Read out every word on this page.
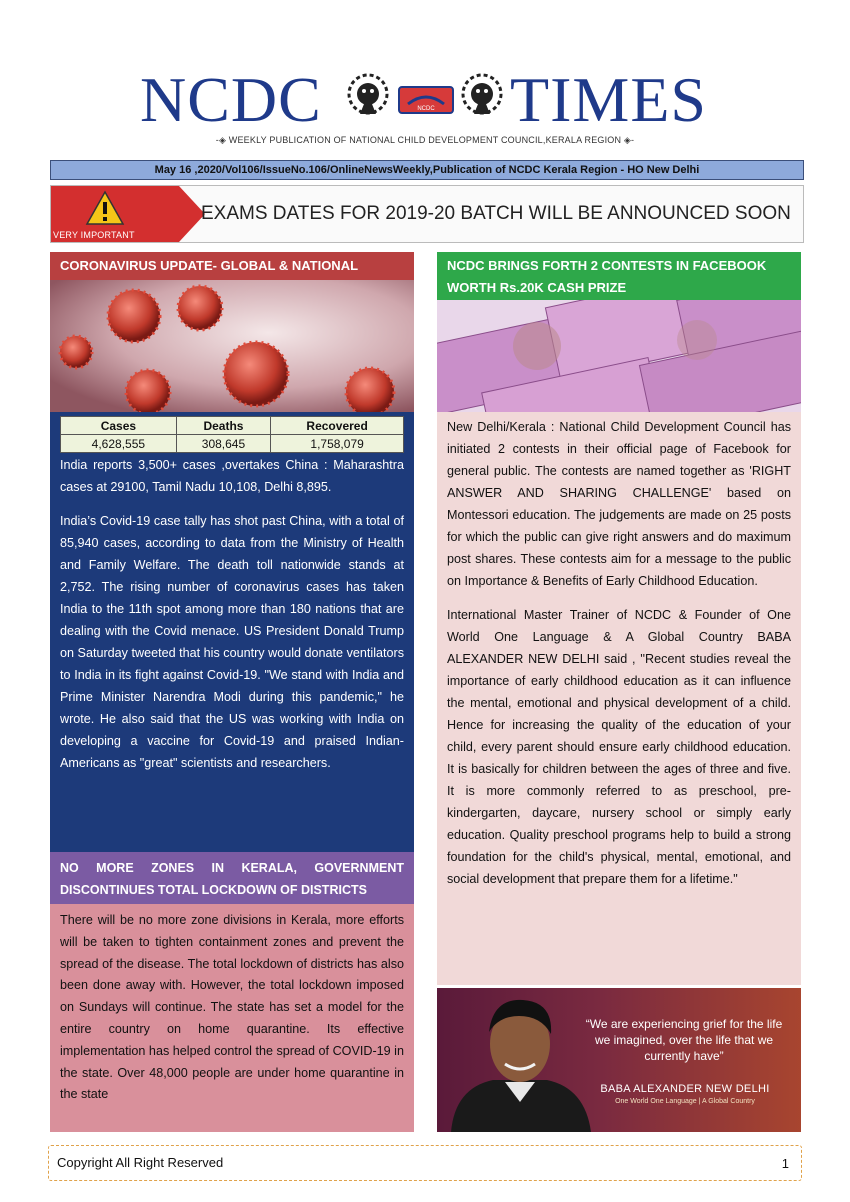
NCDC	NCDC TIMES
-◈ WEEKLY PUBLICATION OF NATIONAL CHILD DEVELOPMENT COUNCIL,KERALA REGION ◈-
May 16 ,2020/Vol106/IssueNo.106/OnlineNewsWeekly,Publication of NCDC Kerala Region - HO New Delhi
VERY IMPORTANT
EXAMS DATES FOR 2019-20 BATCH WILL BE ANNOUNCED SOON
CORONAVIRUS UPDATE- GLOBAL & NATIONAL
Cases	Deaths	Recovered
4,628,555	308,645	1,758,079

India reports 3,500+ cases ,overtakes China : Maharashtra cases at 29100, Tamil Nadu 10,108, Delhi 8,895.

India’s Covid-19 case tally has shot past China, with a total of 85,940 cases, according to data from the Ministry of Health and Family Welfare. The death toll nationwide stands at 2,752. The rising number of coronavirus cases has taken India to the 11th spot among more than 180 nations that are dealing with the Covid menace. US President Donald Trump on Saturday tweeted that his country would donate ventilators to India in its fight against Covid-19. "We stand with India and Prime Minister Narendra Modi during this pandemic," he wrote. He also said that the US was working with India on developing a vaccine for Covid-19 and praised Indian-Americans as "great" scientists and researchers.

NO MORE ZONES IN KERALA, GOVERNMENT DISCONTINUES TOTAL LOCKDOWN OF DISTRICTS

There will be no more zone divisions in Kerala, more efforts will be taken to tighten containment zones and prevent the spread of the disease. The total lockdown of districts has also been done away with. However, the total lockdown imposed on Sundays will continue. The state has set a model for the entire country on home quarantine. Its effective implementation has helped control the spread of COVID-19 in the state. Over 48,000 people are under home quarantine in the state

NCDC BRINGS FORTH 2 CONTESTS IN FACEBOOK WORTH Rs.20K CASH PRIZE

New Delhi/Kerala : National Child Development Council has initiated 2 contests in their official page of Facebook for general public. The contests are named together as 'RIGHT ANSWER AND SHARING CHALLENGE' based on Montessori education. The judgements are made on 25 posts for which the public can give right answers and do maximum post shares. These contests aim for a message to the public on Importance & Benefits of Early Childhood Education.

International Master Trainer of NCDC & Founder of One World One Language & A Global Country BABA ALEXANDER NEW DELHI said , ''Recent studies reveal the importance of early childhood education as it can influence the mental, emotional and physical development of a child. Hence for increasing the quality of the education of your child, every parent should ensure early childhood education. It is basically for children between the ages of three and five. It is more commonly referred to as preschool, pre-kindergarten, daycare, nursery school or simply early education. Quality preschool programs help to build a strong foundation for the child's physical, mental, emotional, and social development that prepare them for a lifetime."

“We are experiencing grief for the life we imagined, over the life that we currently have”
BABA ALEXANDER NEW DELHI
One World One Language | A Global Country
Copyright All Right Reserved	1
